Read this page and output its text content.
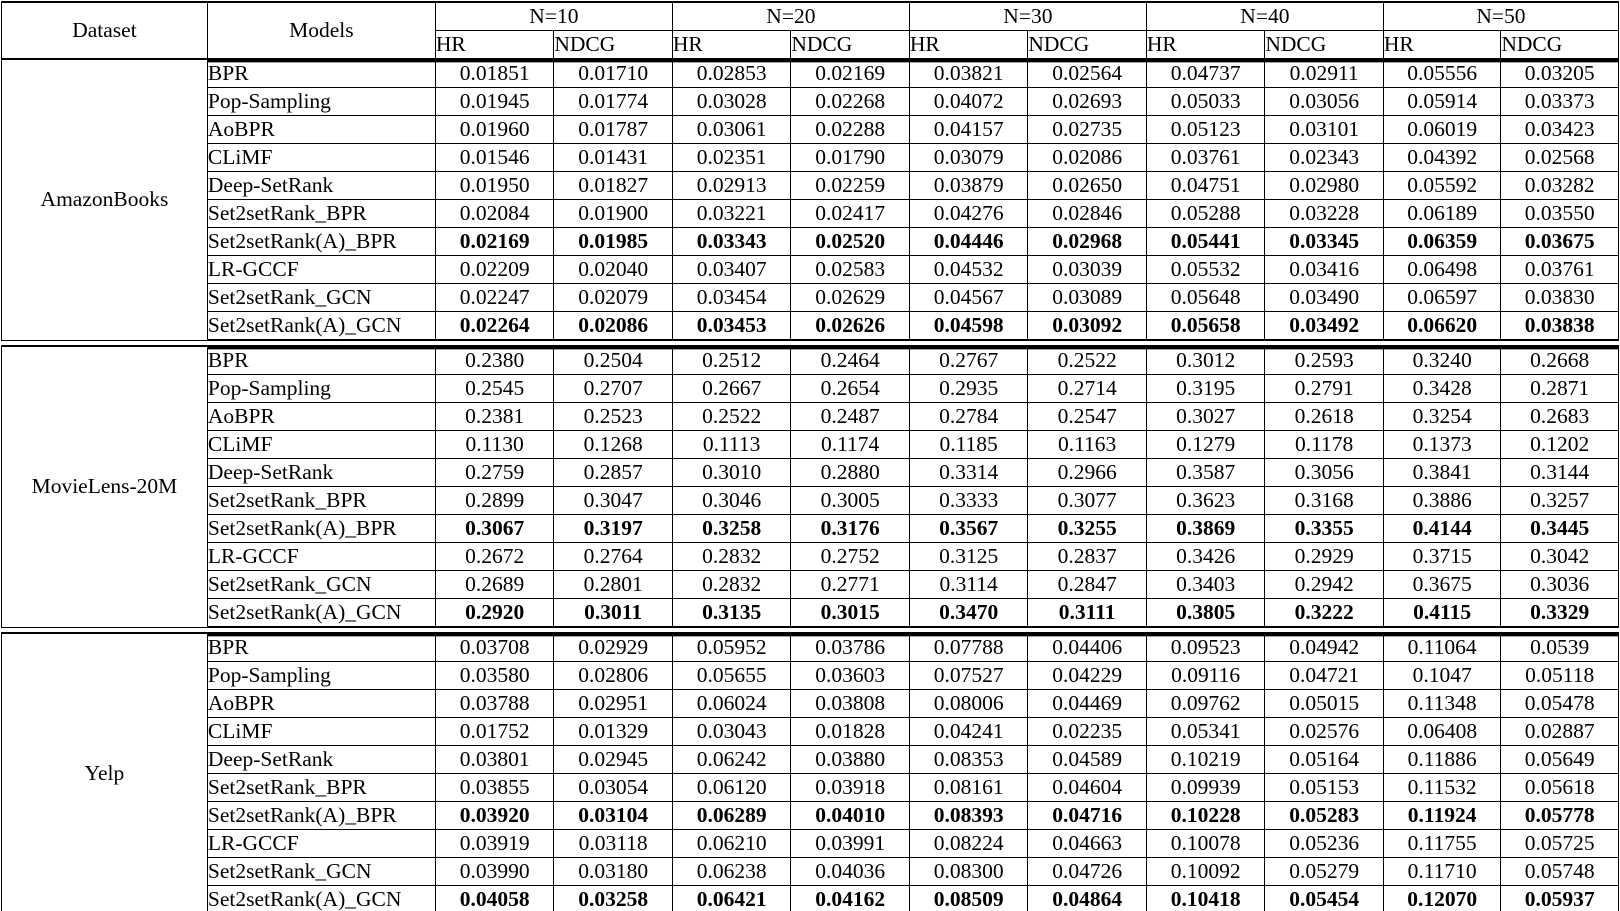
Dataset	Models	N=10		N=20		N=30		N=40		N=50	
		HR	NDCG	HR	NDCG	HR	NDCG	HR	NDCG	HR	NDCG
AmazonBooks	BPR	0.01851	0.01710	0.02853	0.02169	0.03821	0.02564	0.04737	0.02911	0.05556	0.03205
	Pop-Sampling	0.01945	0.01774	0.03028	0.02268	0.04072	0.02693	0.05033	0.03056	0.05914	0.03373
	AoBPR	0.01960	0.01787	0.03061	0.02288	0.04157	0.02735	0.05123	0.03101	0.06019	0.03423
	CLiMF	0.01546	0.01431	0.02351	0.01790	0.03079	0.02086	0.03761	0.02343	0.04392	0.02568
	Deep-SetRank	0.01950	0.01827	0.02913	0.02259	0.03879	0.02650	0.04751	0.02980	0.05592	0.03282
	Set2setRank_BPR	0.02084	0.01900	0.03221	0.02417	0.04276	0.02846	0.05288	0.03228	0.06189	0.03550
	Set2setRank(A)_BPR	0.02169	0.01985	0.03343	0.02520	0.04446	0.02968	0.05441	0.03345	0.06359	0.03675
	LR-GCCF	0.02209	0.02040	0.03407	0.02583	0.04532	0.03039	0.05532	0.03416	0.06498	0.03761
	Set2setRank_GCN	0.02247	0.02079	0.03454	0.02629	0.04567	0.03089	0.05648	0.03490	0.06597	0.03830
	Set2setRank(A)_GCN	0.02264	0.02086	0.03453	0.02626	0.04598	0.03092	0.05658	0.03492	0.06620	0.03838

MovieLens-20M	BPR	0.2380	0.2504	0.2512	0.2464	0.2767	0.2522	0.3012	0.2593	0.3240	0.2668
	Pop-Sampling	0.2545	0.2707	0.2667	0.2654	0.2935	0.2714	0.3195	0.2791	0.3428	0.2871
	AoBPR	0.2381	0.2523	0.2522	0.2487	0.2784	0.2547	0.3027	0.2618	0.3254	0.2683
	CLiMF	0.1130	0.1268	0.1113	0.1174	0.1185	0.1163	0.1279	0.1178	0.1373	0.1202
	Deep-SetRank	0.2759	0.2857	0.3010	0.2880	0.3314	0.2966	0.3587	0.3056	0.3841	0.3144
	Set2setRank_BPR	0.2899	0.3047	0.3046	0.3005	0.3333	0.3077	0.3623	0.3168	0.3886	0.3257
	Set2setRank(A)_BPR	0.3067	0.3197	0.3258	0.3176	0.3567	0.3255	0.3869	0.3355	0.4144	0.3445
	LR-GCCF	0.2672	0.2764	0.2832	0.2752	0.3125	0.2837	0.3426	0.2929	0.3715	0.3042
	Set2setRank_GCN	0.2689	0.2801	0.2832	0.2771	0.3114	0.2847	0.3403	0.2942	0.3675	0.3036
	Set2setRank(A)_GCN	0.2920	0.3011	0.3135	0.3015	0.3470	0.3111	0.3805	0.3222	0.4115	0.3329

Yelp	BPR	0.03708	0.02929	0.05952	0.03786	0.07788	0.04406	0.09523	0.04942	0.11064	0.0539
	Pop-Sampling	0.03580	0.02806	0.05655	0.03603	0.07527	0.04229	0.09116	0.04721	0.1047	0.05118
	AoBPR	0.03788	0.02951	0.06024	0.03808	0.08006	0.04469	0.09762	0.05015	0.11348	0.05478
	CLiMF	0.01752	0.01329	0.03043	0.01828	0.04241	0.02235	0.05341	0.02576	0.06408	0.02887
	Deep-SetRank	0.03801	0.02945	0.06242	0.03880	0.08353	0.04589	0.10219	0.05164	0.11886	0.05649
	Set2setRank_BPR	0.03855	0.03054	0.06120	0.03918	0.08161	0.04604	0.09939	0.05153	0.11532	0.05618
	Set2setRank(A)_BPR	0.03920	0.03104	0.06289	0.04010	0.08393	0.04716	0.10228	0.05283	0.11924	0.05778
	LR-GCCF	0.03919	0.03118	0.06210	0.03991	0.08224	0.04663	0.10078	0.05236	0.11755	0.05725
	Set2setRank_GCN	0.03990	0.03180	0.06238	0.04036	0.08300	0.04726	0.10092	0.05279	0.11710	0.05748
	Set2setRank(A)_GCN	0.04058	0.03258	0.06421	0.04162	0.08509	0.04864	0.10418	0.05454	0.12070	0.05937
